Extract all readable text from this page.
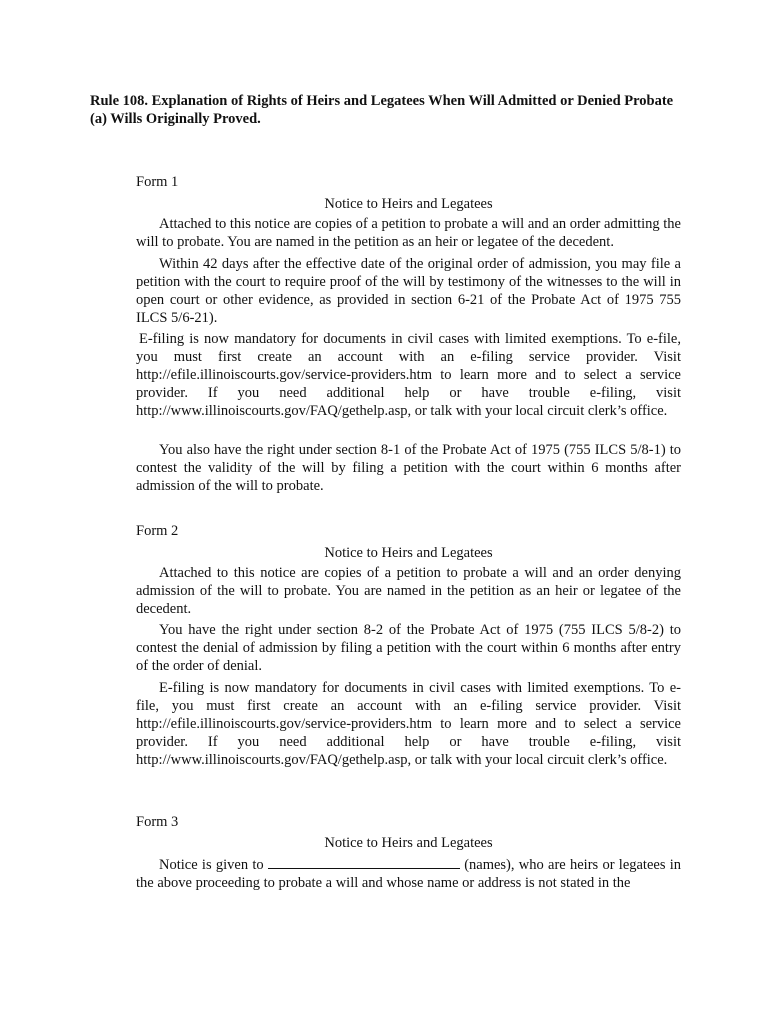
Rule 108. Explanation of Rights of Heirs and Legatees When Will Admitted or Denied Probate
(a) Wills Originally Proved.
Form 1
Notice to Heirs and Legatees

Attached to this notice are copies of a petition to probate a will and an order admitting the will to probate. You are named in the petition as an heir or legatee of the decedent.

Within 42 days after the effective date of the original order of admission, you may file a petition with the court to require proof of the will by testimony of the witnesses to the will in open court or other evidence, as provided in section 6-21 of the Probate Act of 1975 755 ILCS 5/6-21).

E-filing is now mandatory for documents in civil cases with limited exemptions. To e-file, you must first create an account with an e-filing service provider. Visit http://efile.illinoiscourts.gov/service-providers.htm to learn more and to select a service provider. If you need additional help or have trouble e-filing, visit http://www.illinoiscourts.gov/FAQ/gethelp.asp, or talk with your local circuit clerk’s office.

You also have the right under section 8-1 of the Probate Act of 1975 (755 ILCS 5/8-1) to contest the validity of the will by filing a petition with the court within 6 months after admission of the will to probate.

Form 2
Notice to Heirs and Legatees

Attached to this notice are copies of a petition to probate a will and an order denying admission of the will to probate. You are named in the petition as an heir or legatee of the decedent.

You have the right under section 8-2 of the Probate Act of 1975 (755 ILCS 5/8-2) to contest the denial of admission by filing a petition with the court within 6 months after entry of the order of denial.

E-filing is now mandatory for documents in civil cases with limited exemptions. To e-file, you must first create an account with an e-filing service provider. Visit http://efile.illinoiscourts.gov/service-providers.htm to learn more and to select a service provider. If you need additional help or have trouble e-filing, visit http://www.illinoiscourts.gov/FAQ/gethelp.asp, or talk with your local circuit clerk’s office.

Form 3
Notice to Heirs and Legatees

Notice is given to	(names), who are heirs or legatees in the above proceeding to probate a will and whose name or address is not stated in the
